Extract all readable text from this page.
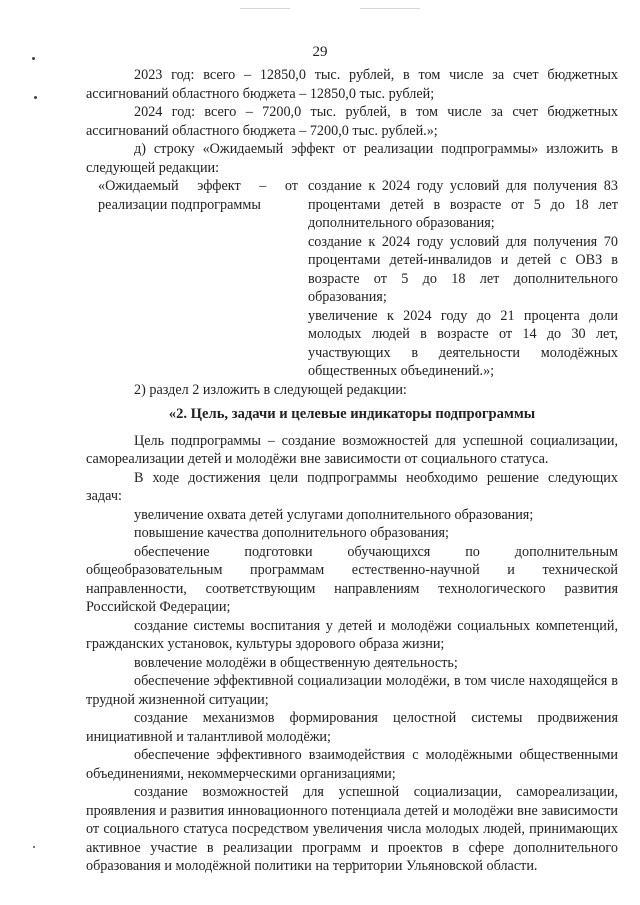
29

2023 год: всего – 12850,0 тыс. рублей, в том числе за счет бюджетных ассигнований областного бюджета – 12850,0 тыс. рублей;

2024 год: всего – 7200,0 тыс. рублей, в том числе за счет бюджетных ассигнований областного бюджета – 7200,0 тыс. рублей.»;

д) строку «Ожидаемый эффект от реализации подпрограммы» изложить в следующей редакции:

«Ожидаемый эффект – от реализации подпрограммы

создание к 2024 году условий для получения 83 процентами детей в возрасте от 5 до 18 лет дополнительного образования;

создание к 2024 году условий для получения 70 процентами детей-инвалидов и детей с ОВЗ в возрасте от 5 до 18 лет дополнительного образования;

увеличение к 2024 году до 21 процента доли молодых людей в возрасте от 14 до 30 лет, участвующих в деятельности молодёжных общественных объединений.»;

2) раздел 2 изложить в следующей редакции:

«2. Цель, задачи и целевые индикаторы подпрограммы

Цель подпрограммы – создание возможностей для успешной социализации, самореализации детей и молодёжи вне зависимости от социального статуса.

В ходе достижения цели подпрограммы необходимо решение следующих задач:

увеличение охвата детей услугами дополнительного образования;

повышение качества дополнительного образования;

обеспечение подготовки обучающихся по дополнительным общеобразовательным программам естественно-научной и технической направленности, соответствующим направлениям технологического развития Российской Федерации;

создание системы воспитания у детей и молодёжи социальных компетенций, гражданских установок, культуры здорового образа жизни;

вовлечение молодёжи в общественную деятельность;

обеспечение эффективной социализации молодёжи, в том числе находящейся в трудной жизненной ситуации;

создание механизмов формирования целостной системы продвижения инициативной и талантливой молодёжи;

обеспечение эффективного взаимодействия с молодёжными общественными объединениями, некоммерческими организациями;

создание возможностей для успешной социализации, самореализации, проявления и развития инновационного потенциала детей и молодёжи вне зависимости от социального статуса посредством увеличения числа молодых людей, принимающих активное участие в реализации программ и проектов в сфере дополнительного образования и молодёжной политики на территории Ульяновской области.
